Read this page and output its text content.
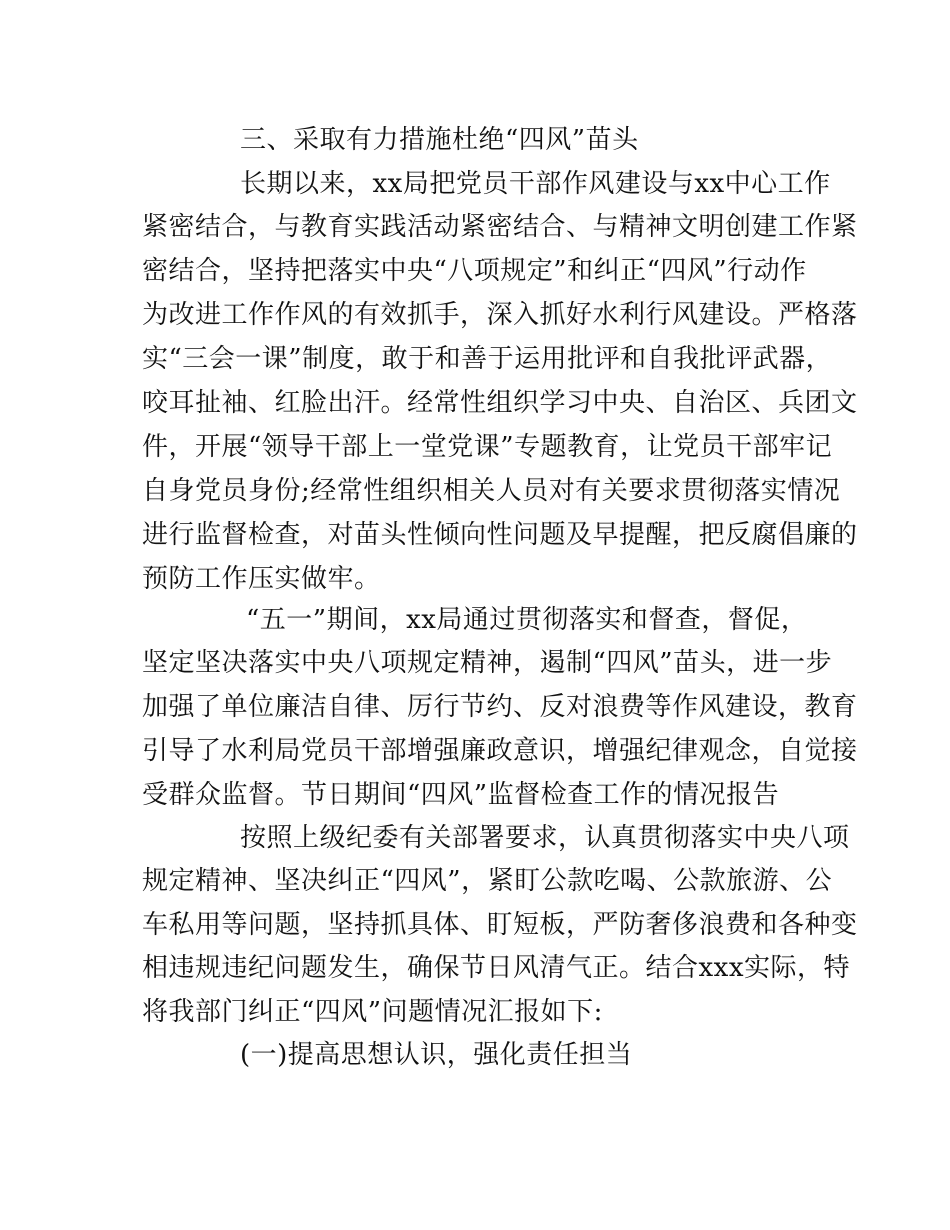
三、采取有力措施杜绝“四风”苗头
长期以来，xx局把党员干部作风建设与xx中心工作
紧密结合，与教育实践活动紧密结合、与精神文明创建工作紧
密结合，坚持把落实中央“八项规定”和纠正“四风”行动作
为改进工作作风的有效抓手，深入抓好水利行风建设。严格落
实“三会一课”制度，敢于和善于运用批评和自我批评武器，
咬耳扯袖、红脸出汗。经常性组织学习中央、自治区、兵团文
件，开展“领导干部上一堂党课”专题教育，让党员干部牢记
自身党员身份;经常性组织相关人员对有关要求贯彻落实情况
进行监督检查，对苗头性倾向性问题及早提醒，把反腐倡廉的
预防工作压实做牢。
“五一”期间，xx局通过贯彻落实和督查，督促，
坚定坚决落实中央八项规定精神，遏制“四风”苗头，进一步
加强了单位廉洁自律、厉行节约、反对浪费等作风建设，教育
引导了水利局党员干部增强廉政意识，增强纪律观念，自觉接
受群众监督。节日期间“四风”监督检查工作的情况报告
按照上级纪委有关部署要求，认真贯彻落实中央八项
规定精神、坚决纠正“四风”，紧盯公款吃喝、公款旅游、公
车私用等问题，坚持抓具体、盯短板，严防奢侈浪费和各种变
相违规违纪问题发生，确保节日风清气正。结合xxx实际，特
将我部门纠正“四风”问题情况汇报如下:
(一)提高思想认识，强化责任担当
